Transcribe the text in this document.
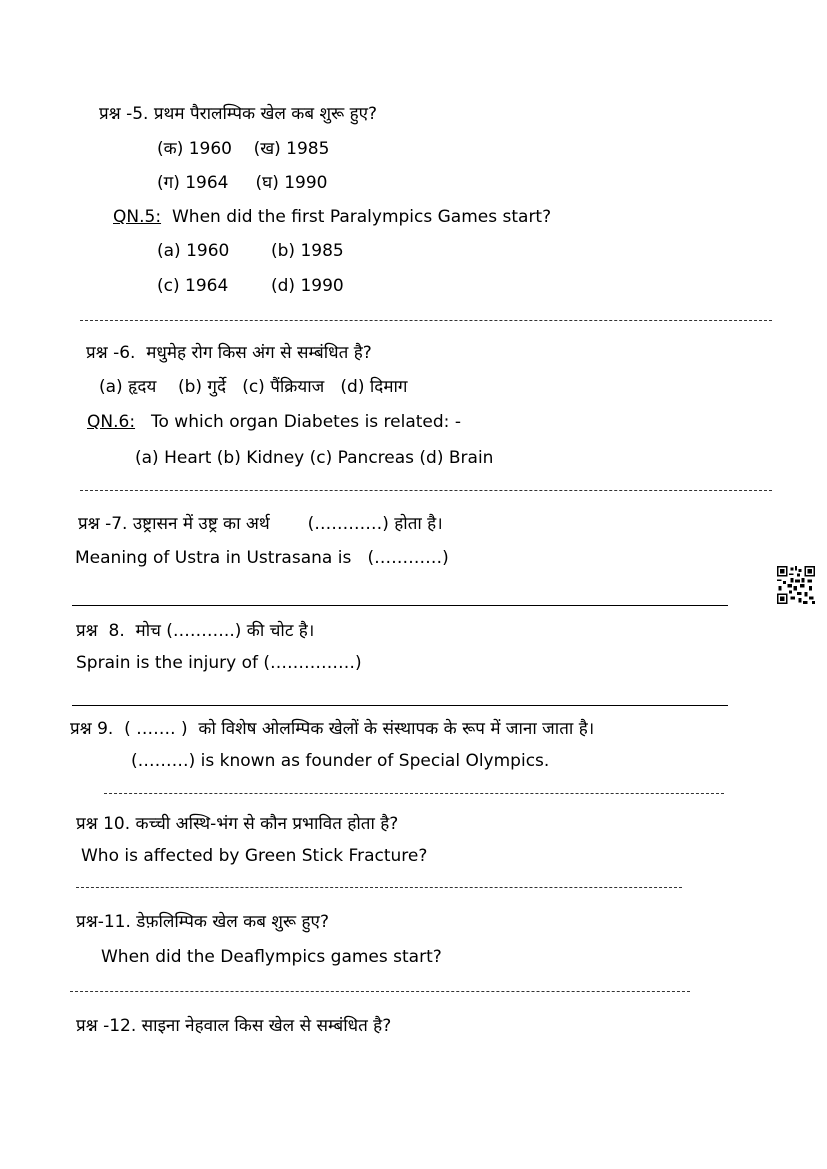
प्रश्न -5. प्रथम पैरालम्पिक खेल कब शुरू हुए?
(क) 1960    (ख) 1985
(ग) 1964     (घ) 1990
QN.5: When did the first Paralympics Games start?
(a) 1960 (b) 1985
(c) 1964	(d) 1990
प्रश्न -6.  मधुमेह रोग किस अंग से सम्बंधित है?
(a) हृदय    (b) गुर्दे   (c) पैंक्रियाज   (d) दिमाग
QN.6: To which organ Diabetes is related: -
(a) Heart (b) Kidney (c) Pancreas (d) Brain
प्रश्न -7. उष्ट्रासन में उष्ट्र का अर्थ       (…………) होता है।
Meaning of Ustra in Ustrasana is   (…………)
प्रश्न  8.  मोच (………..) की चोट है।
Sprain is the injury of (……………)
प्रश्न 9.  ( ……. )  को विशेष ओलम्पिक खेलों के संस्थापक के रूप में जाना जाता है।
(………) is known as founder of Special Olympics.
प्रश्न 10. कच्ची अस्थि-भंग से कौन प्रभावित होता है?
Who is affected by Green Stick Fracture?
प्रश्न-11. डेफ़लिम्पिक खेल कब शुरू हुए?
When did the Deaflympics games start?
प्रश्न -12. साइना नेहवाल किस खेल से सम्बंधित है?
